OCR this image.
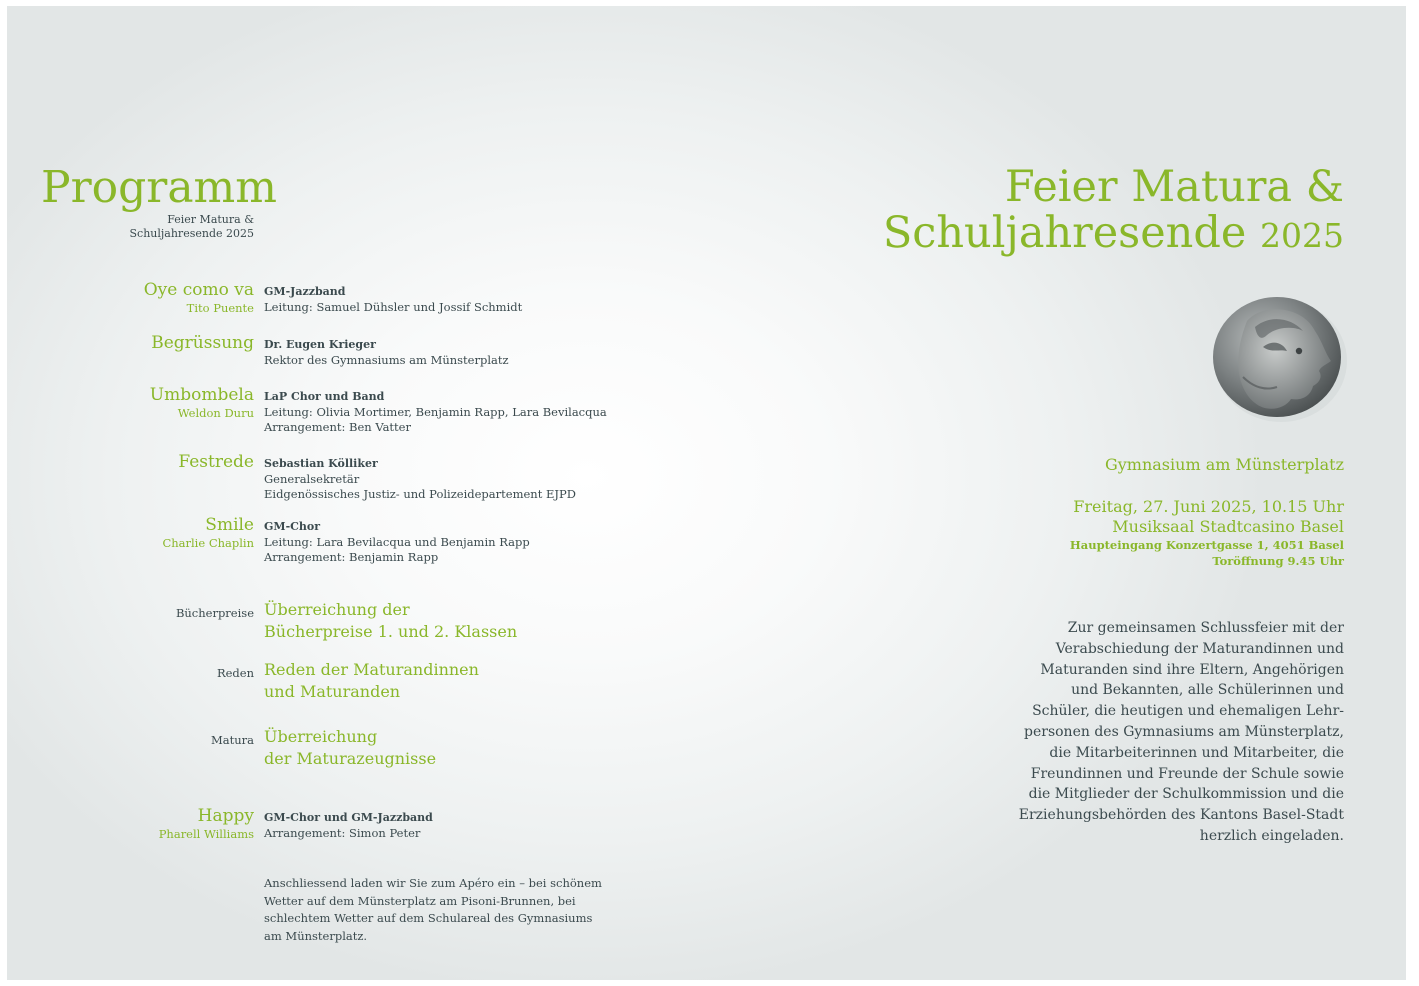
Programm
Feier Matura &
Schuljahresende 2025
Oye como va
Tito Puente
GM-Jazzband
Leitung: Samuel Dühsler und Jossif Schmidt
Begrüssung Dr. Eugen Krieger
Rektor des Gymnasiums am Münsterplatz
Umbombela
Weldon Duru
LaP Chor und Band
Leitung: Olivia Mortimer, Benjamin Rapp, Lara Bevilacqua
Arrangement: Ben Vatter
Festrede Sebastian Kölliker
Generalsekretär
Eidgenössisches Justiz- und Polizeidepartement EJPD
Smile
Charlie Chaplin
GM-Chor
Leitung: Lara Bevilacqua und Benjamin Rapp
Arrangement: Benjamin Rapp
Bücherpreise Überreichung der
Bücherpreise 1. und 2. Klassen
Reden Reden der Maturandinnen
und Maturanden
Matura Überreichung
der Maturazeugnisse
Happy
Pharell Williams
GM-Chor und GM-Jazzband
Arrangement: Simon Peter
Anschliessend laden wir Sie zum Apéro ein – bei schönem
Wetter auf dem Münsterplatz am Pisoni-Brunnen, bei
schlechtem Wetter auf dem Schulareal des Gymnasiums
am Münsterplatz.
Feier Matura &
Schuljahresende 2025
Gymnasium am Münsterplatz
Freitag, 27. Juni 2025, 10.15 Uhr
Musiksaal Stadtcasino Basel
Haupteingang Konzertgasse 1, 4051 Basel
Toröffnung 9.45 Uhr
Zur gemeinsamen Schlussfeier mit der
Verabschiedung der Maturandinnen und
Maturanden sind ihre Eltern, Angehörigen
und Bekannten, alle Schülerinnen und
Schüler, die heutigen und ehemaligen Lehr-
personen des Gymnasiums am Münsterplatz,
die Mitarbeiterinnen und Mitarbeiter, die
Freundinnen und Freunde der Schule sowie
die Mitglieder der Schulkommission und die
Erziehungsbehörden des Kantons Basel-Stadt
herzlich eingeladen.
